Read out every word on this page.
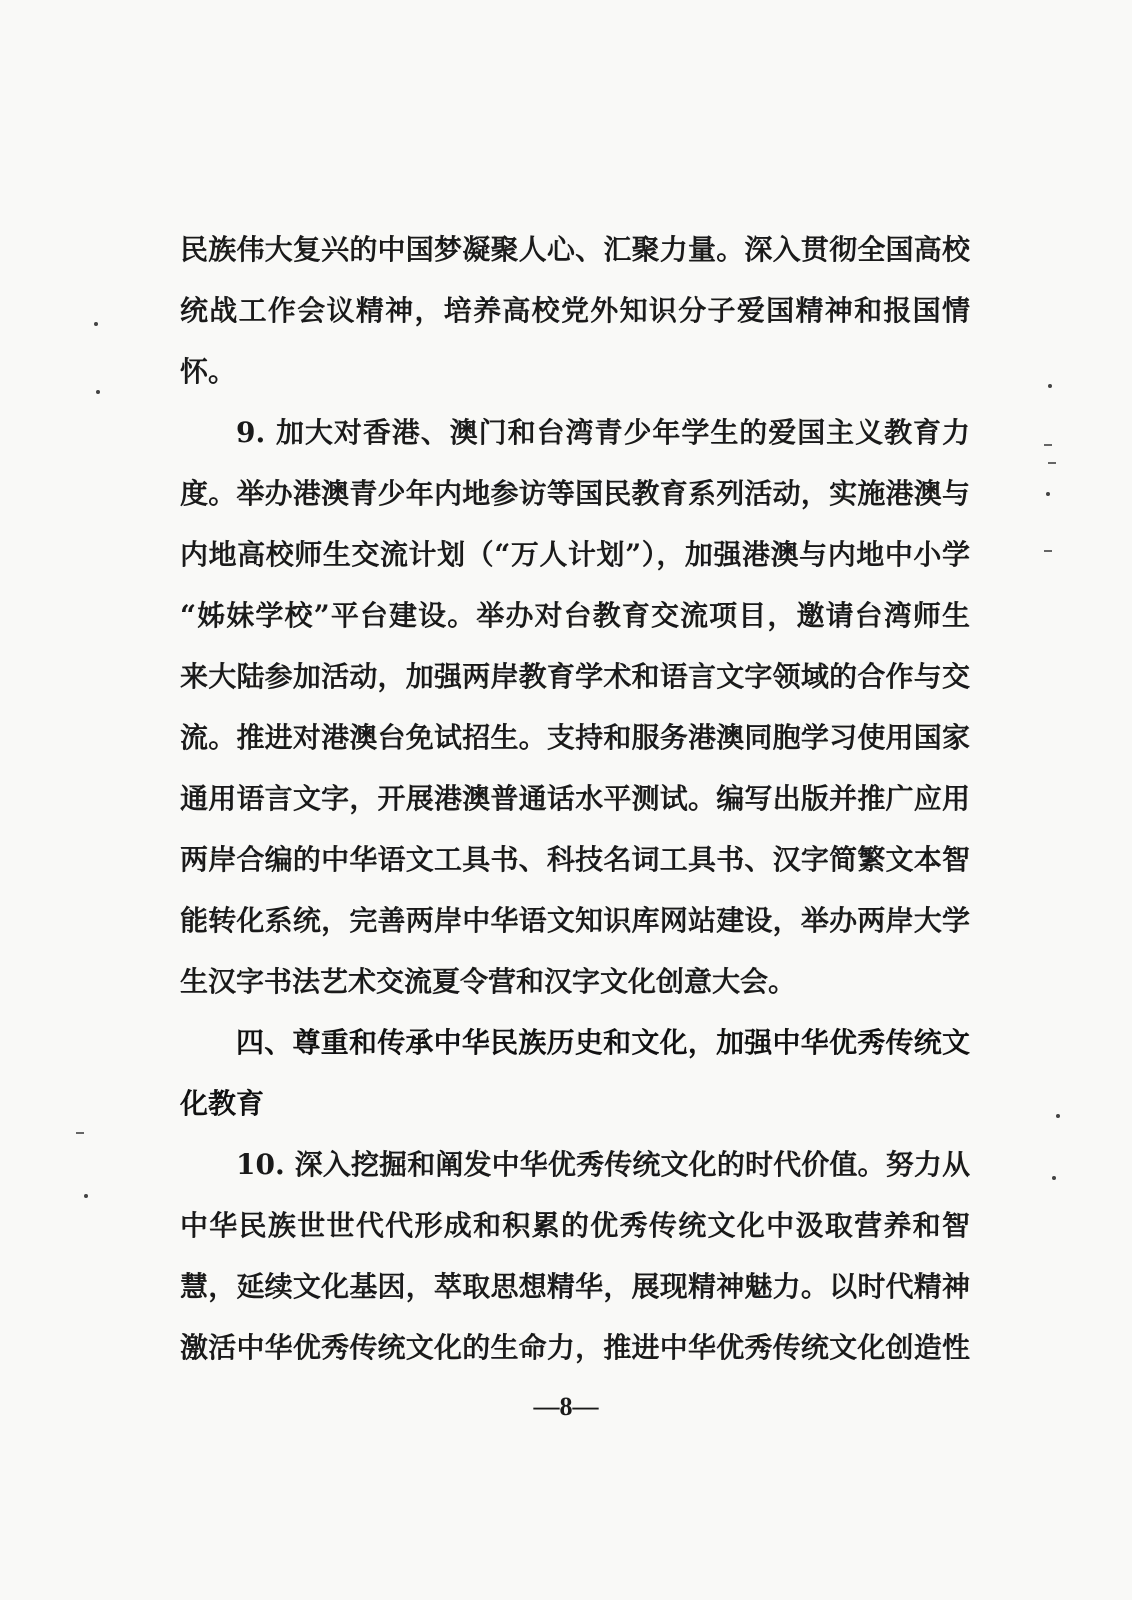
民族伟大复兴的中国梦凝聚人心、汇聚力量。深入贯彻全国高校
统战工作会议精神，培养高校党外知识分子爱国精神和报国情
怀。
9. 加大对香港、澳门和台湾青少年学生的爱国主义教育力
度。举办港澳青少年内地参访等国民教育系列活动，实施港澳与
内地高校师生交流计划（“万人计划”），加强港澳与内地中小学
“姊妹学校”平台建设。举办对台教育交流项目，邀请台湾师生
来大陆参加活动，加强两岸教育学术和语言文字领域的合作与交
流。推进对港澳台免试招生。支持和服务港澳同胞学习使用国家
通用语言文字，开展港澳普通话水平测试。编写出版并推广应用
两岸合编的中华语文工具书、科技名词工具书、汉字简繁文本智
能转化系统，完善两岸中华语文知识库网站建设，举办两岸大学
生汉字书法艺术交流夏令营和汉字文化创意大会。
四、尊重和传承中华民族历史和文化，加强中华优秀传统文
化教育
10. 深入挖掘和阐发中华优秀传统文化的时代价值。努力从
中华民族世世代代形成和积累的优秀传统文化中汲取营养和智
慧，延续文化基因，萃取思想精华，展现精神魅力。以时代精神
激活中华优秀传统文化的生命力，推进中华优秀传统文化创造性
—8—
